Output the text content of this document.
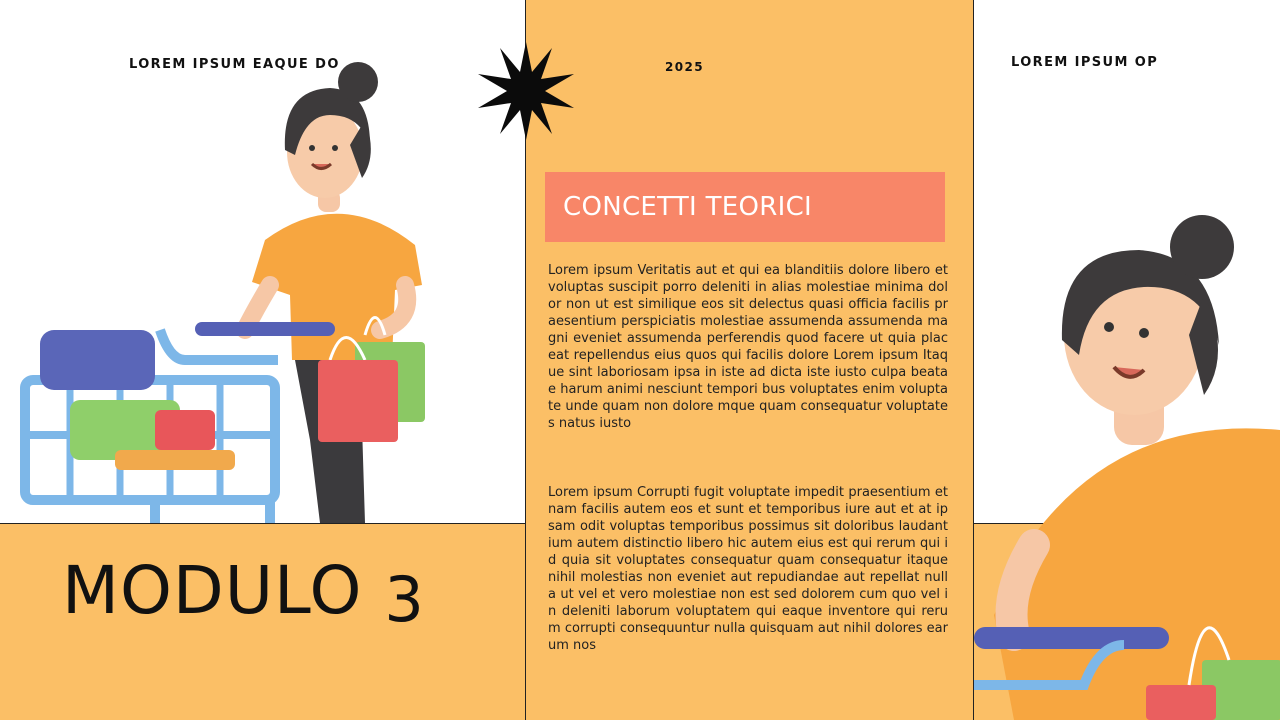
LOREM IPSUM EAQUE DO	2025	LOREM IPSUM OP
CONCETTI TEORICI
Lorem ipsum Veritatis aut et qui ea blanditiis dolore libero et voluptas suscipit porro deleniti in alias molestiae minima dolor non ut est similique eos sit delectus quasi officia facilis praesentium perspiciatis molestiae assumenda assumenda magni eveniet assumenda perferendis quod facere ut quia placeat repellendus eius quos qui facilis dolore Lorem ipsum Itaque sint laboriosam ipsa in iste ad dicta iste iusto culpa beatae harum animi nesciunt tempori bus voluptates enim voluptate unde quam non dolore mque quam consequatur voluptates natus iusto
Lorem ipsum Corrupti fugit voluptate impedit praesentium et nam facilis autem eos et sunt et temporibus iure aut et at ipsam odit voluptas temporibus possimus sit doloribus laudantium autem distinctio libero hic autem eius est qui rerum qui id quia sit voluptates consequatur quam consequatur itaque nihil molestias non eveniet aut repudiandae aut repellat nulla ut vel et vero molestiae non est sed dolorem cum quo vel in deleniti laborum voluptatem qui eaque inventore qui rerum corrupti consequuntur nulla quisquam aut nihil dolores earum nos
MODULO 3
